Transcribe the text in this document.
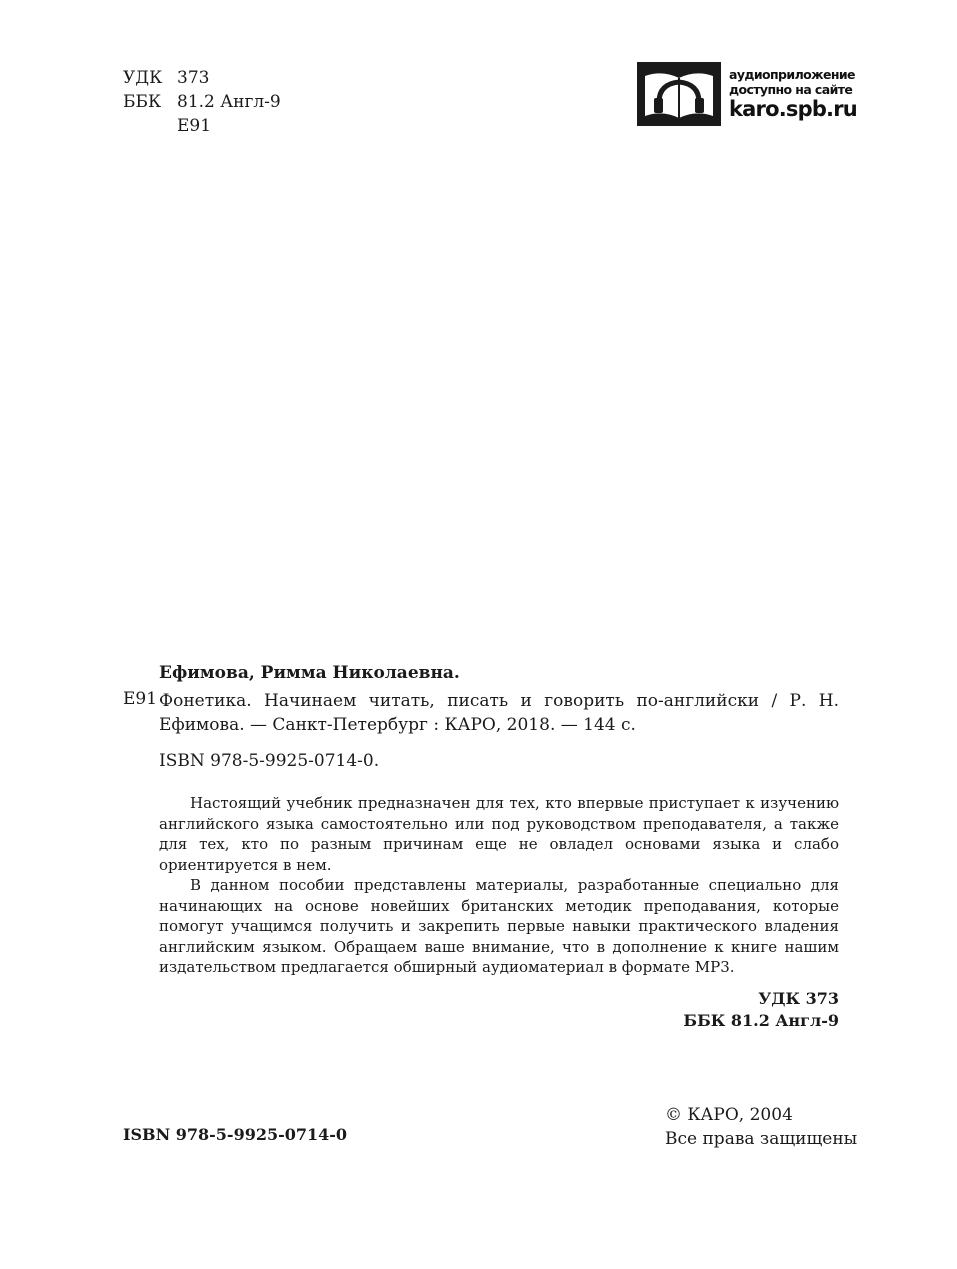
УДК 373
ББК 81.2 Англ-9
Е91
аудиоприложение
доступно на сайте
karo.spb.ru
Ефимова, Римма Николаевна.
Е91 Фонетика. Начинаем читать, писать и говорить по-английски / Р. Н. Ефимова. — Санкт-Петербург : КАРО, 2018. — 144 с.
ISBN 978-5-9925-0714-0.

Настоящий учебник предназначен для тех, кто впервые приступает к изучению английского языка самостоятельно или под руководством преподавателя, а также для тех, кто по разным причинам еще не овладел основами языка и слабо ориентируется в нем.

В данном пособии представлены материалы, разработанные специально для начинающих на основе новейших британских методик преподавания, которые помогут учащимся получить и закрепить первые навыки практического владения английским языком. Обращаем ваше внимание, что в дополнение к книге нашим издательством предлагается обширный аудиоматериал в формате МР3.

УДК 373
ББК 81.2 Англ-9
ISBN 978-5-9925-0714-0
© КАРО, 2004
Все права защищены
